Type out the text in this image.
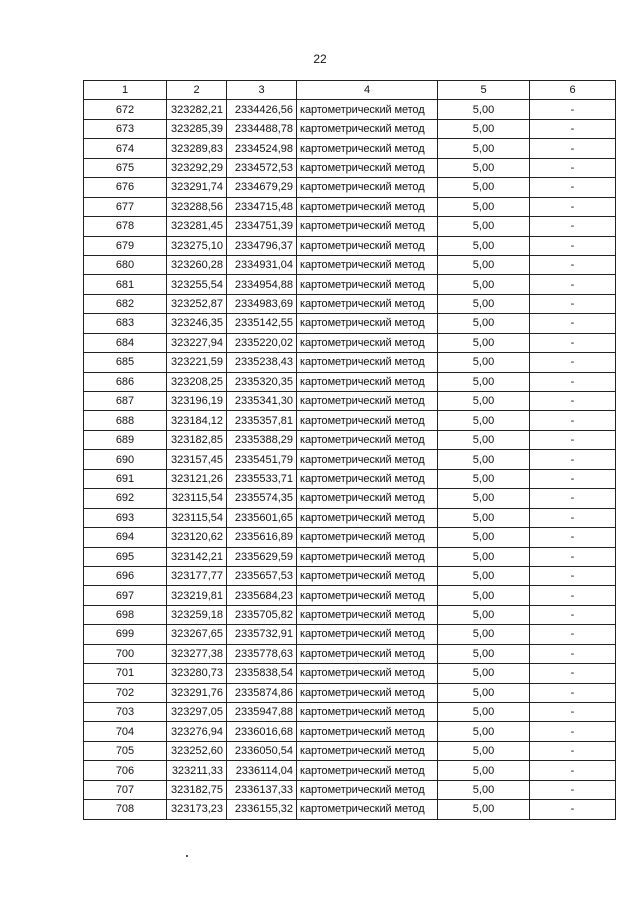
22
1	2	3	4	5	6
672	323282,21	2334426,56	картометрический метод	5,00	-
673	323285,39	2334488,78	картометрический метод	5,00	-
674	323289,83	2334524,98	картометрический метод	5,00	-
675	323292,29	2334572,53	картометрический метод	5,00	-
676	323291,74	2334679,29	картометрический метод	5,00	-
677	323288,56	2334715,48	картометрический метод	5,00	-
678	323281,45	2334751,39	картометрический метод	5,00	-
679	323275,10	2334796,37	картометрический метод	5,00	-
680	323260,28	2334931,04	картометрический метод	5,00	-
681	323255,54	2334954,88	картометрический метод	5,00	-
682	323252,87	2334983,69	картометрический метод	5,00	-
683	323246,35	2335142,55	картометрический метод	5,00	-
684	323227,94	2335220,02	картометрический метод	5,00	-
685	323221,59	2335238,43	картометрический метод	5,00	-
686	323208,25	2335320,35	картометрический метод	5,00	-
687	323196,19	2335341,30	картометрический метод	5,00	-
688	323184,12	2335357,81	картометрический метод	5,00	-
689	323182,85	2335388,29	картометрический метод	5,00	-
690	323157,45	2335451,79	картометрический метод	5,00	-
691	323121,26	2335533,71	картометрический метод	5,00	-
692	323115,54	2335574,35	картометрический метод	5,00	-
693	323115,54	2335601,65	картометрический метод	5,00	-
694	323120,62	2335616,89	картометрический метод	5,00	-
695	323142,21	2335629,59	картометрический метод	5,00	-
696	323177,77	2335657,53	картометрический метод	5,00	-
697	323219,81	2335684,23	картометрический метод	5,00	-
698	323259,18	2335705,82	картометрический метод	5,00	-
699	323267,65	2335732,91	картометрический метод	5,00	-
700	323277,38	2335778,63	картометрический метод	5,00	-
701	323280,73	2335838,54	картометрический метод	5,00	-
702	323291,76	2335874,86	картометрический метод	5,00	-
703	323297,05	2335947,88	картометрический метод	5,00	-
704	323276,94	2336016,68	картометрический метод	5,00	-
705	323252,60	2336050,54	картометрический метод	5,00	-
706	323211,33	2336114,04	картометрический метод	5,00	-
707	323182,75	2336137,33	картометрический метод	5,00	-
708	323173,23	2336155,32	картометрический метод	5,00	-
